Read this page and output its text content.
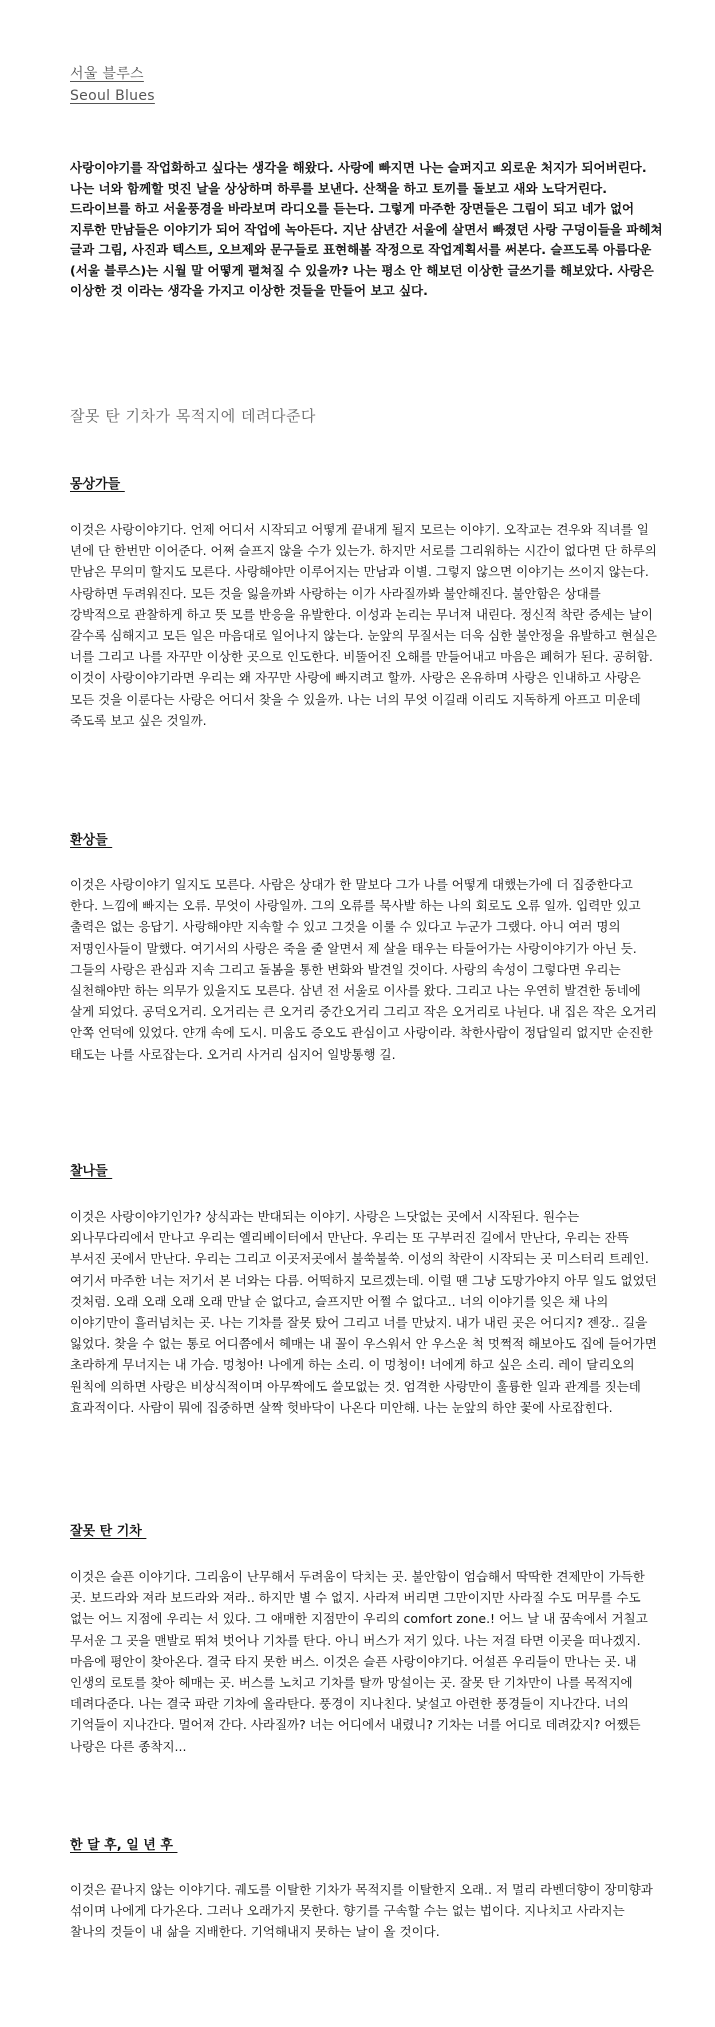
서울 블루스
Seoul Blues

사랑이야기를 작업화하고 싶다는 생각을 해왔다. 사랑에 빠지면 나는 슬퍼지고 외로운 처지가 되어버린다. 나는 너와 함께할 멋진 날을 상상하며 하루를 보낸다. 산책을 하고 토끼를 돌보고 새와 노닥거린다. 드라이브를 하고 서울풍경을 바라보며 라디오를 듣는다. 그렇게 마주한 장면들은 그림이 되고 네가 없어 지루한 만남들은 이야기가 되어 작업에 녹아든다. 지난 삼년간 서울에 살면서 빠졌던 사랑 구덩이들을 파헤쳐 글과 그림, 사진과 텍스트, 오브제와 문구들로 표현해볼 작정으로 작업계획서를 써본다. 슬프도록 아름다운 (서울 블루스)는 시월 말 어떻게 펼쳐질 수 있을까? 나는 평소 안 해보던 이상한 글쓰기를 해보았다. 사랑은 이상한 것 이라는 생각을 가지고 이상한 것들을 만들어 보고 싶다.

잘못 탄 기차가 목적지에 데려다준다
몽상가들

이것은 사랑이야기다. 언제 어디서 시작되고 어떻게 끝내게 될지 모르는 이야기. 오작교는 견우와 직녀를 일 년에 단 한번만 이어준다. 어쩌 슬프지 않을 수가 있는가. 하지만 서로를 그리워하는 시간이 없다면 단 하루의 만남은 무의미 할지도 모른다. 사랑해야만 이루어지는 만남과 이별. 그렇지 않으면 이야기는 쓰이지 않는다. 사랑하면 두려워진다. 모든 것을 잃을까봐 사랑하는 이가 사라질까봐 불안해진다. 불안함은 상대를 강박적으로 관찰하게 하고 뜻 모를 반응을 유발한다. 이성과 논리는 무너져 내린다. 정신적 착란 증세는 날이 갈수록 심해지고 모든 일은 마음대로 일어나지 않는다. 눈앞의 무질서는 더욱 심한 불안정을 유발하고 현실은 너를 그리고 나를 자꾸만 이상한 곳으로 인도한다. 비뚤어진 오해를 만들어내고 마음은 폐허가 된다. 공허함. 이것이 사랑이야기라면 우리는 왜 자꾸만 사랑에 빠지려고 할까. 사랑은 온유하며 사랑은 인내하고 사랑은 모든 것을 이룬다는 사랑은 어디서 찾을 수 있을까. 나는 너의 무엇 이길래 이리도 지독하게 아프고 미운데 죽도록 보고 싶은 것일까.

환상들

이것은 사랑이야기 일지도 모른다. 사람은 상대가 한 말보다 그가 나를 어떻게 대했는가에 더 집중한다고 한다. 느낌에 빠지는 오류. 무엇이 사랑일까. 그의 오류를 묵사발 하는 나의 회로도 오류 일까. 입력만 있고 출력은 없는 응답기. 사랑해야만 지속할 수 있고 그것을 이룰 수 있다고 누군가 그랬다. 아니 여러 명의 저명인사들이 말했다. 여기서의 사랑은 죽을 줄 알면서 제 살을 태우는 타들어가는 사랑이야기가 아닌 듯. 그들의 사랑은 관심과 지속 그리고 돌봄을 통한 변화와 발견일 것이다. 사랑의 속성이 그렇다면 우리는 실천해야만 하는 의무가 있을지도 모른다. 삼년 전 서울로 이사를 왔다. 그리고 나는 우연히 발견한 동네에 살게 되었다. 공덕오거리. 오거리는 큰 오거리 중간오거리 그리고 작은 오거리로 나뉜다. 내 집은 작은 오거리 안쪽 언덕에 있었다. 얀개 속에 도시. 미움도 증오도 관심이고 사랑이라. 착한사람이 정답일리 없지만 순진한 태도는 나를 사로잡는다. 오거리 사거리 심지어 일방통행 길.

찰나들

이것은 사랑이야기인가? 상식과는 반대되는 이야기. 사랑은 느닷없는 곳에서 시작된다. 원수는 외나무다리에서 만나고 우리는 엘리베이터에서 만난다. 우리는 또 구부러진 길에서 만난다, 우리는 잔뜩 부서진 곳에서 만난다. 우리는 그리고 이곳저곳에서 불쑥불쑥. 이성의 착란이 시작되는 곳 미스터리 트레인. 여기서 마주한 너는 저기서 본 너와는 다름. 어떡하지 모르겠는데. 이럴 땐 그냥 도망가야지 아무 일도 없었던 것처럼. 오래 오래 오래 오래 만날 순 없다고, 슬프지만 어쩔 수 없다고.. 너의 이야기를 잊은 채 나의 이야기만이 흘러넘치는 곳. 나는 기차를 잘못 탔어 그리고 너를 만났지. 내가 내린 곳은 어디지? 젠장.. 길을 잃었다. 찾을 수 없는 통로 어디쯤에서 헤매는 내 꼴이 우스워서 안 우스운 척 멋쩍적 해보아도 집에 들어가면 초라하게 무너지는 내 가슴. 멍청아! 나에게 하는 소리. 이 멍청이! 너에게 하고 싶은 소리. 레이 달리오의 원칙에 의하면 사랑은 비상식적이며 아무짝에도 쓸모없는 것. 엄격한 사랑만이 훌륭한 일과 관계를 짓는데 효과적이다. 사람이 뭐에 집중하면 살짝 헛바닥이 나온다 미안해. 나는 눈앞의 하얀 꽃에 사로잡힌다.

잘못 탄 기차

이것은 슬픈 이야기다. 그리움이 난무해서 두려움이 닥치는 곳. 불안함이 엄습해서 딱딱한 견제만이 가득한 곳. 보드라와 져라 보드라와 져라.. 하지만 별 수 없지. 사라져 버리면 그만이지만 사라질 수도 머무를 수도 없는 어느 지점에 우리는 서 있다. 그 애매한 지점만이 우리의 comfort zone.! 어느 날 내 꿈속에서 거칠고 무서운 그 곳을 맨발로 뛰쳐 벗어나 기차를 탄다. 아니 버스가 저기 있다. 나는 저걸 타면 이곳을 떠나겠지. 마음에 평안이 찾아온다. 결국 타지 못한 버스. 이것은 슬픈 사랑이야기다. 어설픈 우리들이 만나는 곳. 내 인생의 로토를 찾아 헤매는 곳. 버스를 노치고 기차를 탈까 망설이는 곳. 잘못 탄 기차만이 나를 목적지에 데려다준다. 나는 결국 파란 기차에 올라탄다. 풍경이 지나친다. 낯설고 아련한 풍경들이 지나간다. 너의 기억들이 지나간다. 멀어져 간다. 사라질까? 너는 어디에서 내렸니? 기차는 너를 어디로 데려갔지? 어쨌든 나랑은 다른 종착지...

한 달 후, 일 년 후

이것은 끝나지 않는 이야기다. 궤도를 이탈한 기차가 목적지를 이탈한지 오래.. 저 멀리 라벤더향이 장미향과 섞이며 나에게 다가온다. 그러나 오래가지 못한다. 향기를 구속할 수는 없는 법이다. 지나치고 사라지는 찰나의 것들이 내 삶을 지배한다. 기억해내지 못하는 날이 올 것이다.
